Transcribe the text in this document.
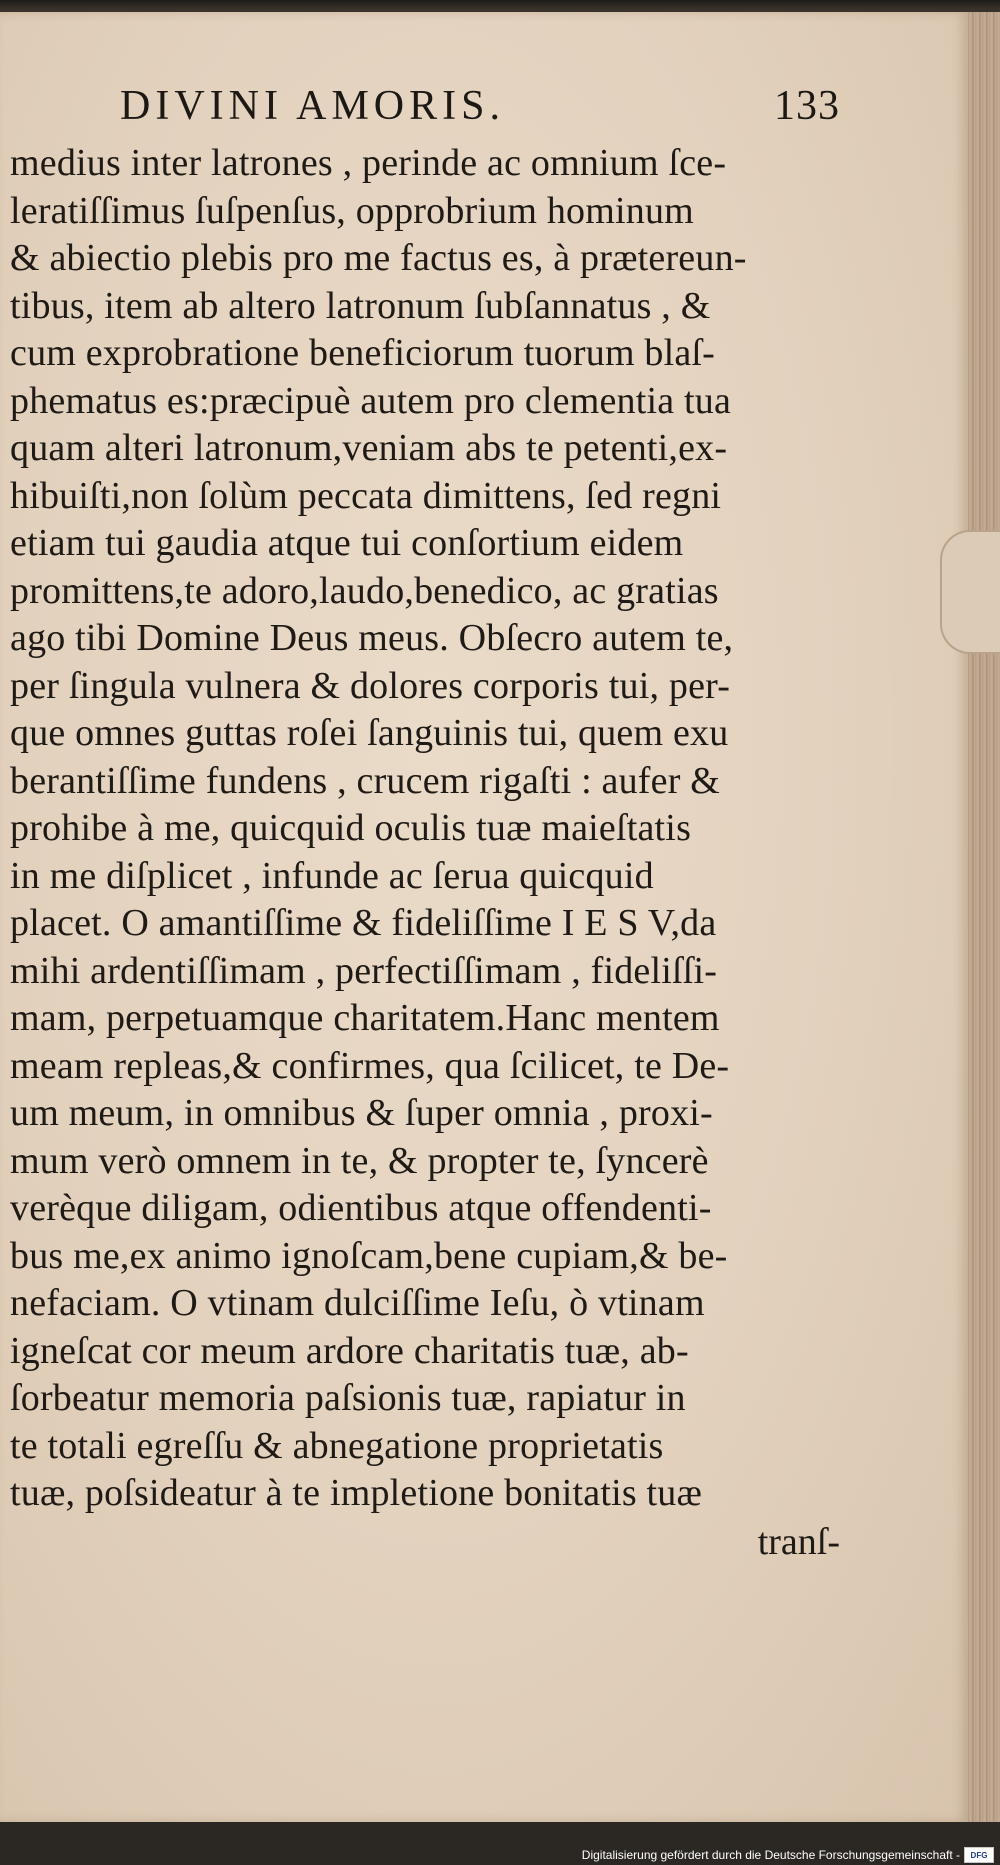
DIVINI AMORIS.	133
medius inter latrones , perinde ac omnium ſce-
leratiſſimus ſuſpenſus, opprobrium hominum
& abiectio plebis pro me factus es, à prætereun-
tibus, item ab altero latronum ſubſannatus , &
cum exprobratione beneficiorum tuorum blaſ-
phematus es:præcipuè autem pro clementia tua
quam alteri latronum,veniam abs te petenti,ex-
hibuiſti,non ſolùm peccata dimittens, ſed regni
etiam tui gaudia atque tui conſortium eidem
promittens,te adoro,laudo,benedico, ac gratias
ago tibi Domine Deus meus. Obſecro autem te,
per ſingula vulnera & dolores corporis tui, per-
que omnes guttas roſei ſanguinis tui, quem exu
berantiſſime fundens , crucem rigaſti : aufer &
prohibe à me, quicquid oculis tuæ maieſtatis
in me diſplicet , infunde ac ſerua quicquid
placet. O amantiſſime & fideliſſime I E S V,da
mihi ardentiſſimam , perfectiſſimam , fideliſſi-
mam, perpetuamque charitatem.Hanc mentem
meam repleas,& confirmes, qua ſcilicet, te De-
um meum, in omnibus & ſuper omnia , proxi-
mum verò omnem in te, & propter te, ſyncerè
verèque diligam, odientibus atque offendenti-
bus me,ex animo ignoſcam,bene cupiam,& be-
nefaciam. O vtinam dulciſſime Ieſu, ò vtinam
igneſcat cor meum ardore charitatis tuæ, ab-
ſorbeatur memoria paſsionis tuæ, rapiatur in
te totali egreſſu & abnegatione proprietatis
tuæ, poſsideatur à te impletione bonitatis tuæ
tranſ-
Digitalisierung gefördert durch die Deutsche Forschungsgemeinschaft - DFG
